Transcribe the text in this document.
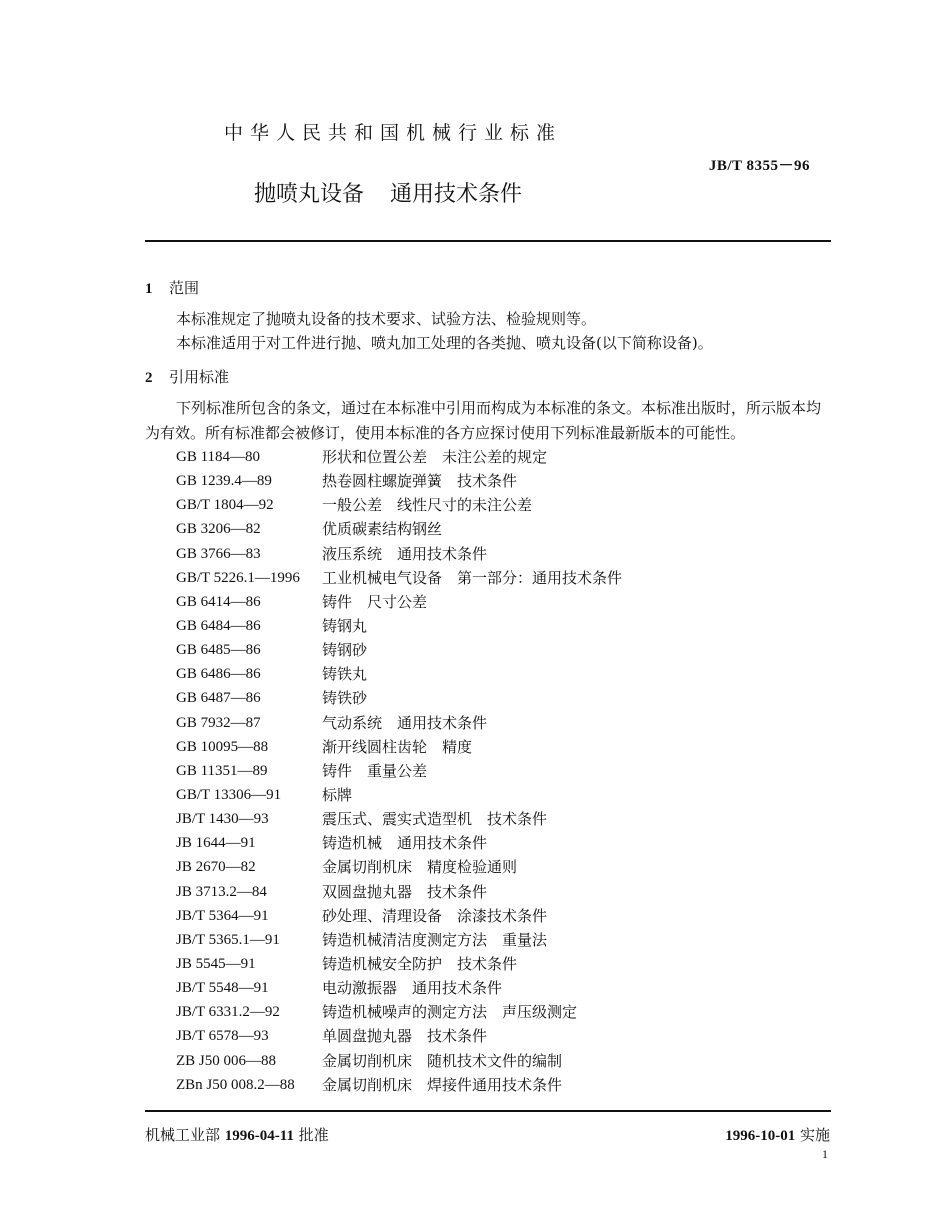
中华人民共和国机械行业标准
JB/T 8355－96
抛喷丸设备 通用技术条件
1 范围
本标准规定了抛喷丸设备的技术要求、试验方法、检验规则等。
本标准适用于对工件进行抛、喷丸加工处理的各类抛、喷丸设备(以下简称设备)。
2 引用标准
下列标准所包含的条文，通过在本标准中引用而构成为本标准的条文。本标准出版时，所示版本均为有效。所有标准都会被修订，使用本标准的各方应探讨使用下列标准最新版本的可能性。
GB 1184—80	形状和位置公差　未注公差的规定
GB 1239.4—89	热卷圆柱螺旋弹簧　技术条件
GB/T 1804—92	一般公差　线性尺寸的未注公差
GB 3206—82	优质碳素结构钢丝
GB 3766—83	液压系统　通用技术条件
GB/T 5226.1—1996	工业机械电气设备　第一部分：通用技术条件
GB 6414—86	铸件　尺寸公差
GB 6484—86	铸钢丸
GB 6485—86	铸钢砂
GB 6486—86	铸铁丸
GB 6487—86	铸铁砂
GB 7932—87	气动系统　通用技术条件
GB 10095—88	渐开线圆柱齿轮　精度
GB 11351—89	铸件　重量公差
GB/T 13306—91	标牌
JB/T 1430—93	震压式、震实式造型机　技术条件
JB 1644—91	铸造机械　通用技术条件
JB 2670—82	金属切削机床　精度检验通则
JB 3713.2—84	双圆盘抛丸器　技术条件
JB/T 5364—91	砂处理、清理设备　涂漆技术条件
JB/T 5365.1—91	铸造机械清洁度测定方法　重量法
JB 5545—91	铸造机械安全防护　技术条件
JB/T 5548—91	电动激振器　通用技术条件
JB/T 6331.2—92	铸造机械噪声的测定方法　声压级测定
JB/T 6578—93	单圆盘抛丸器　技术条件
ZB J50 006—88	金属切削机床　随机技术文件的编制
ZBn J50 008.2—88	金属切削机床　焊接件通用技术条件
机械工业部 1996-04-11 批准	1996-10-01 实施
1
